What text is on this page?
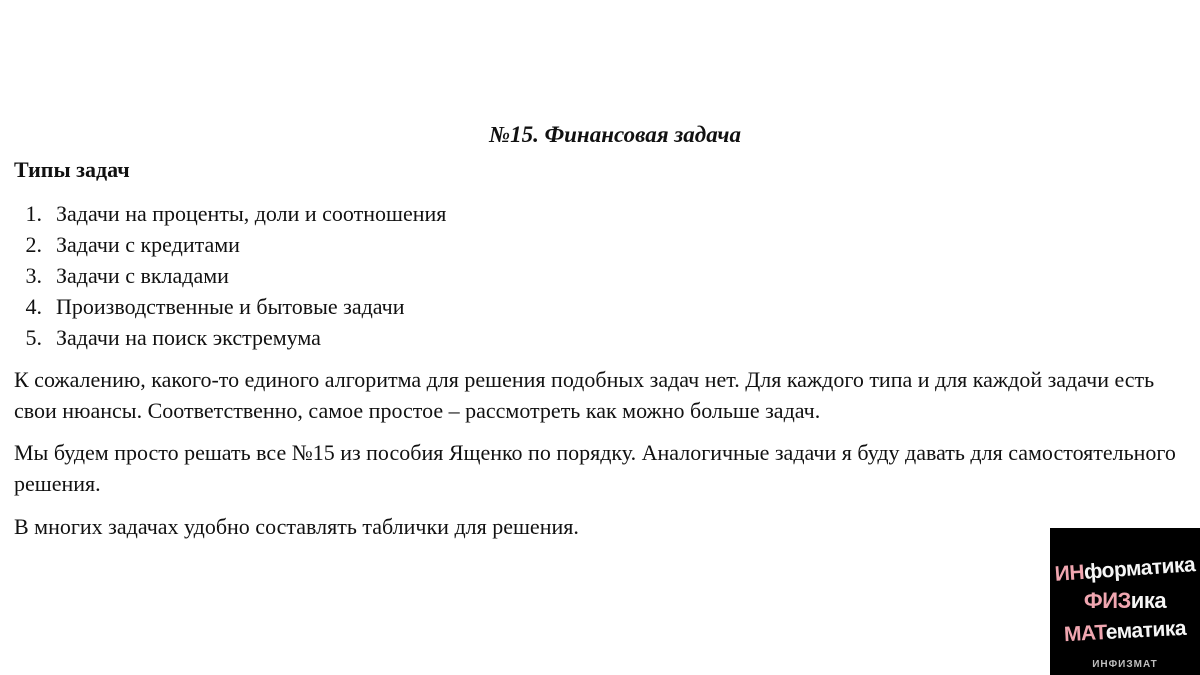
№15. Финансовая задача
Типы задач
1. Задачи на проценты, доли и соотношения
2. Задачи с кредитами
3. Задачи с вкладами
4. Производственные и бытовые задачи
5. Задачи на поиск экстремума

К сожалению, какого-то единого алгоритма для решения подобных задач нет. Для каждого типа и для каждой задачи есть свои нюансы. Соответственно, самое простое – рассмотреть как можно больше задач.

Мы будем просто решать все №15 из пособия Ященко по порядку. Аналогичные задачи я буду давать для самостоятельного решения.

В многих задачах удобно составлять таблички для решения.

ИНформатика
ФИЗика
МАТематика
ИНФИЗМАТ
